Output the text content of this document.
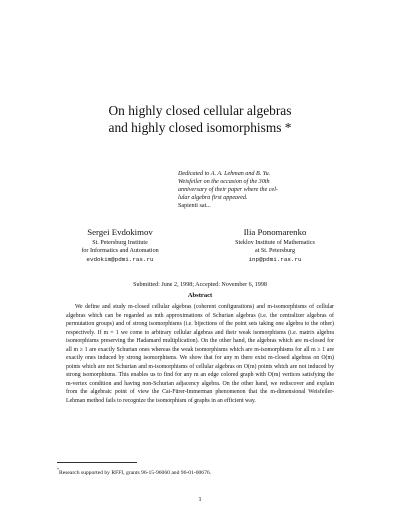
On highly closed cellular algebras
and highly closed isomorphisms *
Dedicated to A. A. Lehman and B. Yu.
Weisfeiler on the occasion of the 30th
anniversary of their paper where the cel-
lular algebra first appeared.
Sapienti sat...
Sergei Evdokimov
St. Petersburg Institute
for Informatics and Automation
evdokim@pdmi.ras.ru
Ilia Ponomarenko
Steklov Institute of Mathematics
at St. Petersburg
inp@pdmi.ras.ru
Submitted: June 2, 1998; Accepted: November 6, 1998
Abstract
We define and study m-closed cellular algebras (coherent configurations) and m-isomorphisms of cellular algebras which can be regarded as mth approximations of Schurian algebras (i.e. the centralizer algebras of permutation groups) and of strong isomorphisms (i.e. bijections of the point sets taking one algebra to the other) respectively. If m = 1 we come to arbitrary cellular algebras and their weak isomorphisms (i.e. matrix algebra isomorphisms preserving the Hadamard multiplication). On the other hand, the algebras which are m-closed for all m ≥ 1 are exactly Schurian ones whereas the weak isomorphisms which are m-isomorphisms for all m ≥ 1 are exactly ones induced by strong isomorphisms. We show that for any m there exist m-closed algebras on O(m) points which are not Schurian and m-isomorphisms of cellular algebras on O(m) points which are not induced by strong isomorphisms. This enables us to find for any m an edge colored graph with O(m) vertices satisfying the m-vertex condition and having non-Schurian adjacency algebra. On the other hand, we rediscover and explain from the algebraic point of view the Cai-Fürer-Immerman phenomenon that the m-dimensional Weisfeiler-Lehman method fails to recognize the isomorphism of graphs in an efficient way.
*Research supported by RFFI, grants 96-15-96060 and 96-01-00676.
1
